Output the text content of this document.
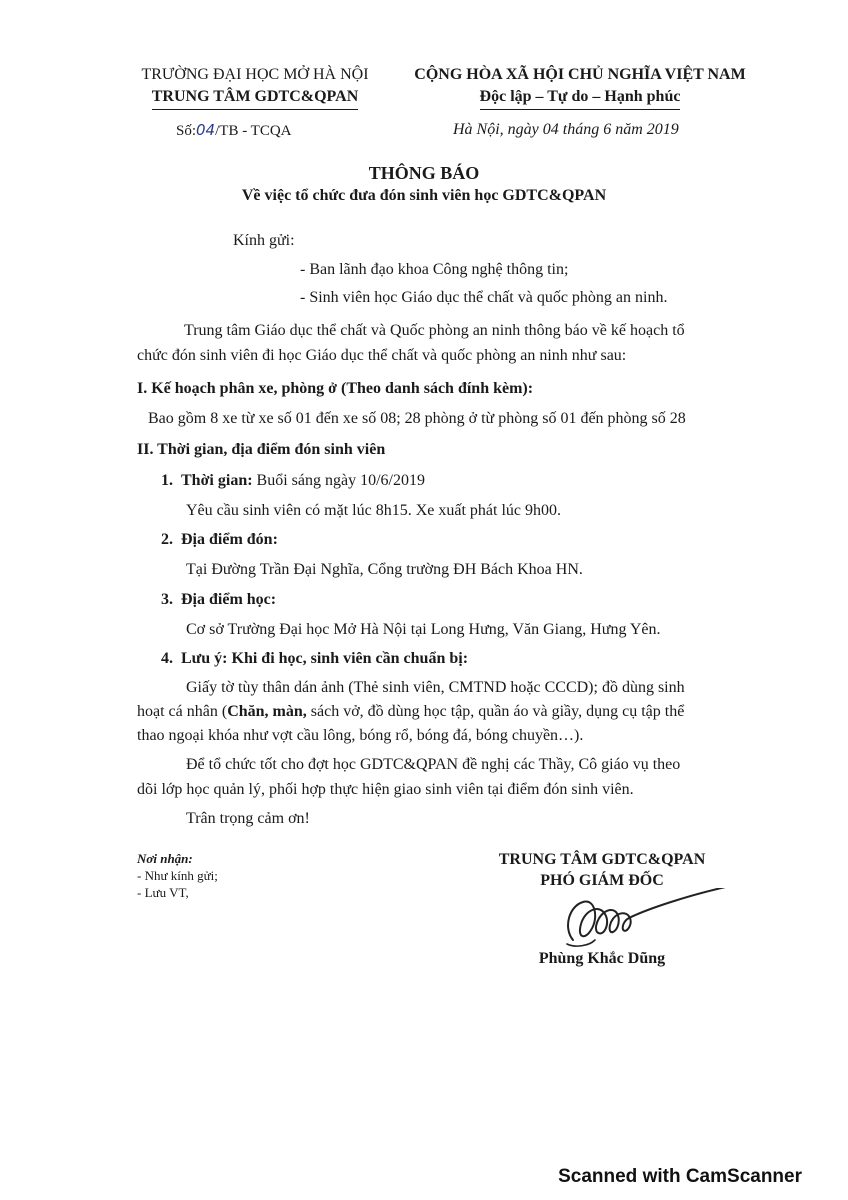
TRƯỜNG ĐẠI HỌC MỞ HÀ NỘI
TRUNG TÂM GDTC&QPAN
CỘNG HÒA XÃ HỘI CHỦ NGHĨA VIỆT NAM
Độc lập – Tự do – Hạnh phúc
Số:04/TB - TCQA	Hà Nội, ngày 04 tháng 6 năm 2019
THÔNG BÁO
Về việc tổ chức đưa đón sinh viên học GDTC&QPAN
Kính gửi:
- Ban lãnh đạo khoa Công nghệ thông tin;
- Sinh viên học Giáo dục thể chất và quốc phòng an ninh.
Trung tâm Giáo dục thể chất và Quốc phòng an ninh thông báo về kế hoạch tổ
chức đón sinh viên đi học Giáo dục thể chất và quốc phòng an ninh như sau:
I. Kế hoạch phân xe, phòng ở (Theo danh sách đính kèm):
Bao gồm 8 xe từ xe số 01 đến xe số 08; 28 phòng ở từ phòng số 01 đến phòng số 28
II. Thời gian, địa điểm đón sinh viên
1. Thời gian: Buổi sáng ngày 10/6/2019
Yêu cầu sinh viên có mặt lúc 8h15. Xe xuất phát lúc 9h00.
2. Địa điểm đón:
Tại Đường Trần Đại Nghĩa, Cổng trường ĐH Bách Khoa HN.
3. Địa điểm học:
Cơ sở Trường Đại học Mở Hà Nội tại Long Hưng, Văn Giang, Hưng Yên.
4. Lưu ý: Khi đi học, sinh viên cần chuẩn bị:
Giấy tờ tùy thân dán ảnh (Thẻ sinh viên, CMTND hoặc CCCD); đồ dùng sinh
hoạt cá nhân (Chăn, màn, sách vở, đồ dùng học tập, quần áo và giầy, dụng cụ tập thể
thao ngoại khóa như vợt cầu lông, bóng rổ, bóng đá, bóng chuyền…).
Để tổ chức tốt cho đợt học GDTC&QPAN đề nghị các Thầy, Cô giáo vụ theo
dõi lớp học quản lý, phối hợp thực hiện giao sinh viên tại điểm đón sinh viên.
Trân trọng cảm ơn!
Nơi nhận:
- Như kính gửi;
- Lưu VT,
TRUNG TÂM GDTC&QPAN
PHÓ GIÁM ĐỐC
Phùng Khắc Dũng
Scanned with CamScanner
